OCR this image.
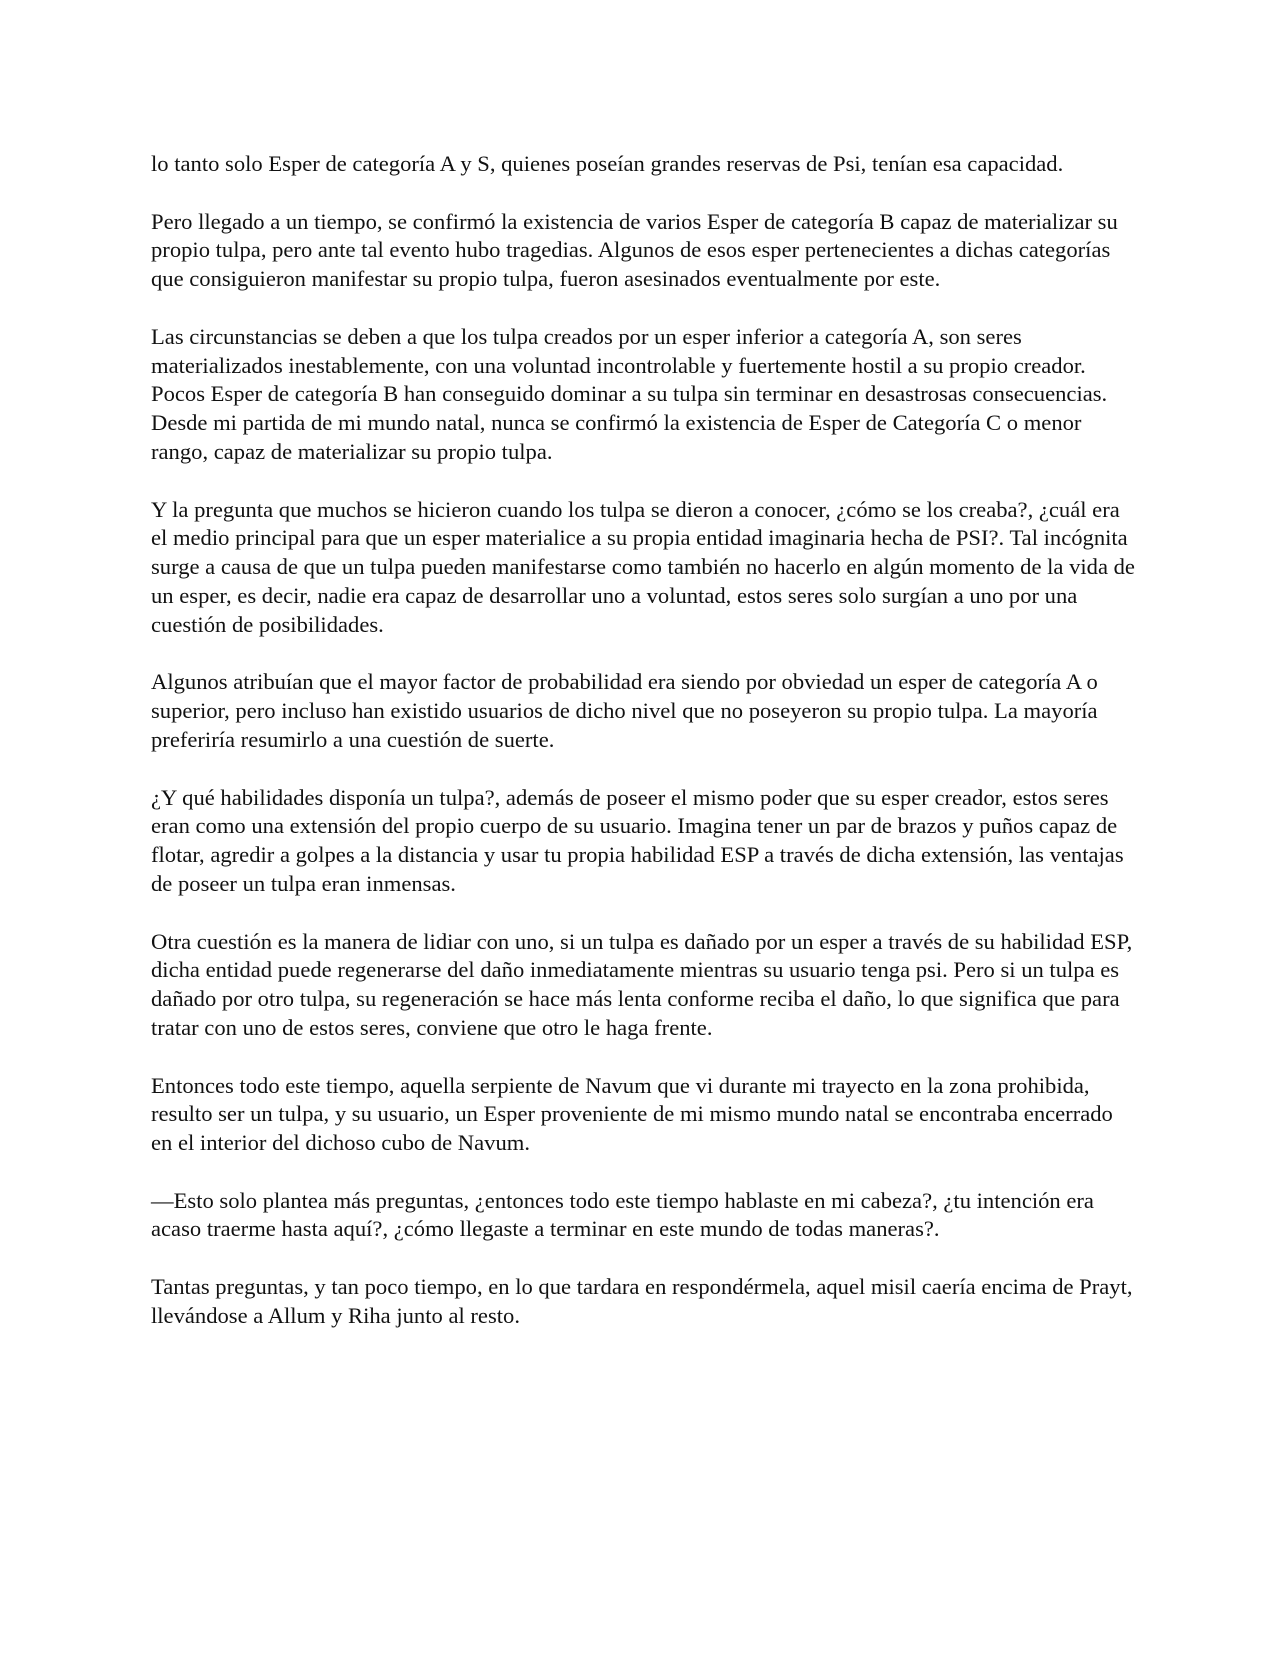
lo tanto solo Esper de categoría A y S, quienes poseían grandes reservas de Psi, tenían esa capacidad.

Pero llegado a un tiempo, se confirmó la existencia de varios Esper de categoría B capaz de materializar su propio tulpa, pero ante tal evento hubo tragedias. Algunos de esos esper pertenecientes a dichas categorías que consiguieron manifestar su propio tulpa, fueron asesinados eventualmente por este.

Las circunstancias se deben a que los tulpa creados por un esper inferior a categoría A, son seres materializados inestablemente, con una voluntad incontrolable y fuertemente hostil a su propio creador. Pocos Esper de categoría B han conseguido dominar a su tulpa sin terminar en desastrosas consecuencias. Desde mi partida de mi mundo natal, nunca se confirmó la existencia de Esper de Categoría C o menor rango, capaz de materializar su propio tulpa.

Y la pregunta que muchos se hicieron cuando los tulpa se dieron a conocer, ¿cómo se los creaba?, ¿cuál era el medio principal para que un esper materialice a su propia entidad imaginaria hecha de PSI?. Tal incógnita surge a causa de que un tulpa pueden manifestarse como también no hacerlo en algún momento de la vida de un esper, es decir, nadie era capaz de desarrollar uno a voluntad, estos seres solo surgían a uno por una cuestión de posibilidades.

Algunos atribuían que el mayor factor de probabilidad era siendo por obviedad un esper de categoría A o superior, pero incluso han existido usuarios de dicho nivel que no poseyeron su propio tulpa. La mayoría preferiría resumirlo a una cuestión de suerte.

¿Y qué habilidades disponía un tulpa?, además de poseer el mismo poder que su esper creador, estos seres eran como una extensión del propio cuerpo de su usuario. Imagina tener un par de brazos y puños capaz de flotar, agredir a golpes a la distancia y usar tu propia habilidad ESP a través de dicha extensión, las ventajas de poseer un tulpa eran inmensas.

Otra cuestión es la manera de lidiar con uno, si un tulpa es dañado por un esper a través de su habilidad ESP, dicha entidad puede regenerarse del daño inmediatamente mientras su usuario tenga psi. Pero si un tulpa es dañado por otro tulpa, su regeneración se hace más lenta conforme reciba el daño, lo que significa que para tratar con uno de estos seres, conviene que otro le haga frente.

Entonces todo este tiempo, aquella serpiente de Navum que vi durante mi trayecto en la zona prohibida, resulto ser un tulpa, y su usuario, un Esper proveniente de mi mismo mundo natal se encontraba encerrado en el interior del dichoso cubo de Navum.

—Esto solo plantea más preguntas, ¿entonces todo este tiempo hablaste en mi cabeza?, ¿tu intención era acaso traerme hasta aquí?, ¿cómo llegaste a terminar en este mundo de todas maneras?.

Tantas preguntas, y tan poco tiempo, en lo que tardara en respondérmela, aquel misil caería encima de Prayt, llevándose a Allum y Riha junto al resto.
